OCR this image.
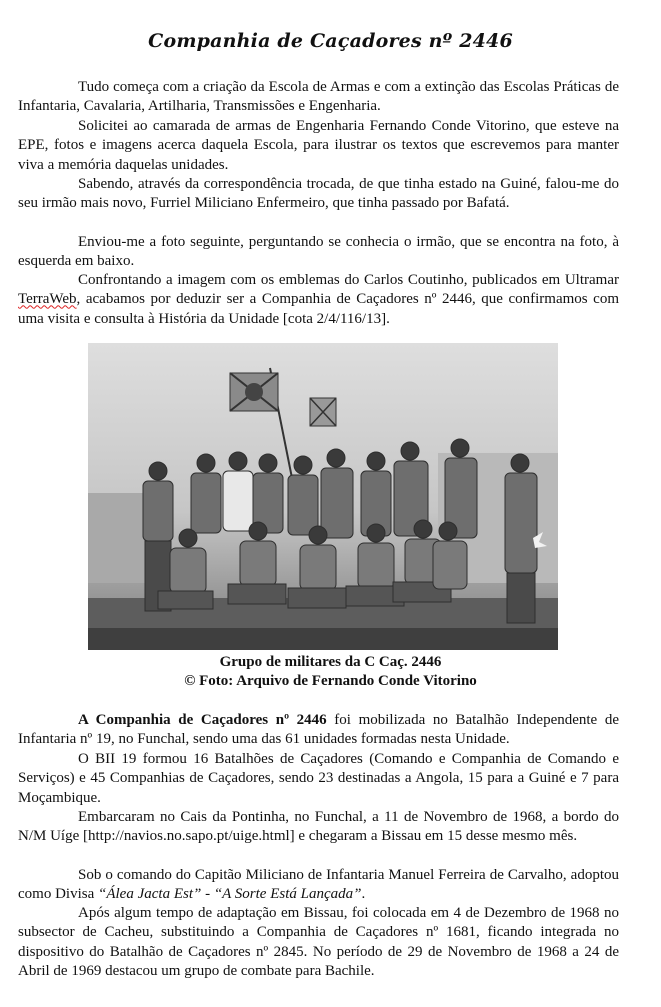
Companhia de Caçadores nº 2446

Tudo começa com a criação da Escola de Armas e com a extinção das Escolas Práticas de Infantaria, Cavalaria, Artilharia, Transmissões e Engenharia.

Solicitei ao camarada de armas de Engenharia Fernando Conde Vitorino, que esteve na EPE, fotos e imagens acerca daquela Escola, para ilustrar os textos que escrevemos para manter viva a memória daquelas unidades.

Sabendo, através da correspondência trocada, de que tinha estado na Guiné, falou-me do seu irmão mais novo, Furriel Miliciano Enfermeiro, que tinha passado por Bafatá.

Enviou-me a foto seguinte, perguntando se conhecia o irmão, que se encontra na foto, à esquerda em baixo.

Confrontando a imagem com os emblemas do Carlos Coutinho, publicados em Ultramar TerraWeb, acabamos por deduzir ser a Companhia de Caçadores nº 2446, que confirmamos com uma visita e consulta à História da Unidade [cota 2/4/116/13].

Grupo de militares da C Caç. 2446
© Foto: Arquivo de Fernando Conde Vitorino

A Companhia de Caçadores nº 2446 foi mobilizada no Batalhão Independente de Infantaria nº 19, no Funchal, sendo uma das 61 unidades formadas nesta Unidade.

O BII 19 formou 16 Batalhões de Caçadores (Comando e Companhia de Comando e Serviços) e 45 Companhias de Caçadores, sendo 23 destinadas a Angola, 15 para a Guiné e 7 para Moçambique.

Embarcaram no Cais da Pontinha, no Funchal, a 11 de Novembro de 1968, a bordo do N/M Uíge [http://navios.no.sapo.pt/uige.html] e chegaram a Bissau em 15 desse mesmo mês.

Sob o comando do Capitão Miliciano de Infantaria Manuel Ferreira de Carvalho, adoptou como Divisa “Álea Jacta Est” - “A Sorte Está Lançada”.

Após algum tempo de adaptação em Bissau, foi colocada em 4 de Dezembro de 1968 no subsector de Cacheu, substituindo a Companhia de Caçadores nº 1681, ficando integrada no dispositivo do Batalhão de Caçadores nº 2845. No período de 29 de Novembro de 1968 a 24 de Abril de 1969 destacou um grupo de combate para Bachile.
